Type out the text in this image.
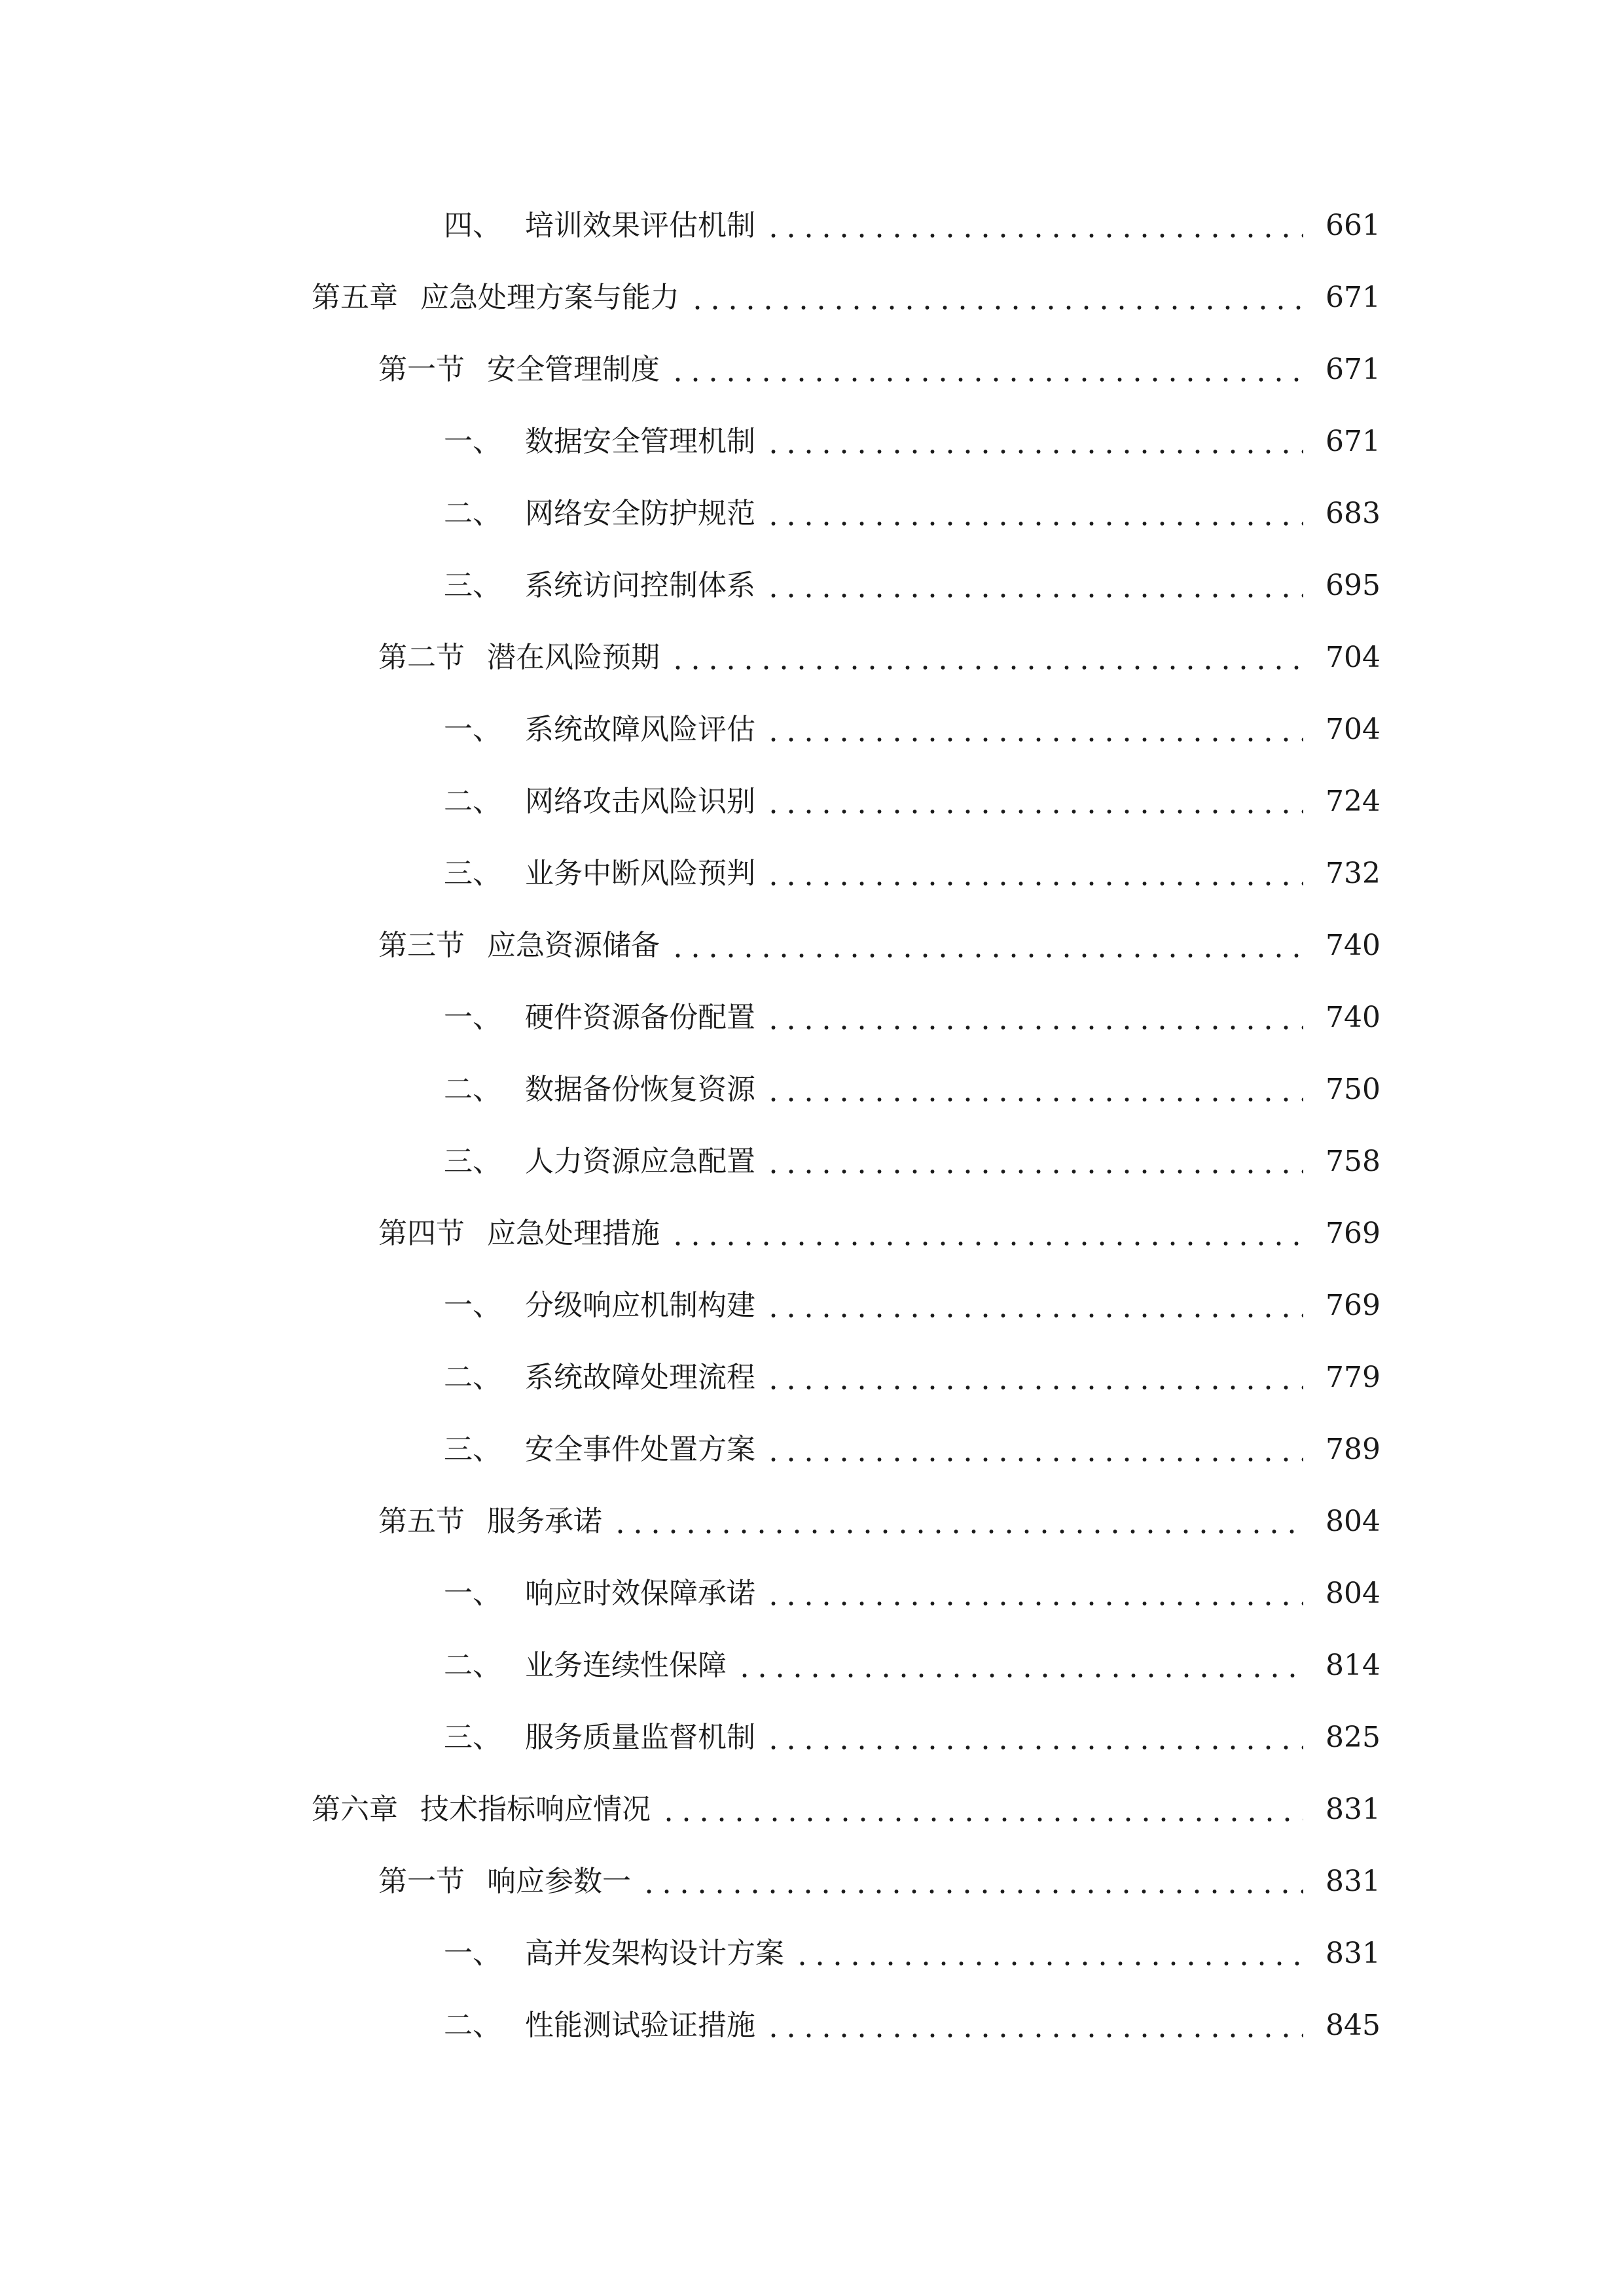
四、 培训效果评估机制	661
第五章 应急处理方案与能力	671
第一节 安全管理制度	671
一、 数据安全管理机制	671
二、 网络安全防护规范	683
三、 系统访问控制体系	695
第二节 潜在风险预期	704
一、 系统故障风险评估	704
二、 网络攻击风险识别	724
三、 业务中断风险预判	732
第三节 应急资源储备	740
一、 硬件资源备份配置	740
二、 数据备份恢复资源	750
三、 人力资源应急配置	758
第四节 应急处理措施	769
一、 分级响应机制构建	769
二、 系统故障处理流程	779
三、 安全事件处置方案	789
第五节 服务承诺	804
一、 响应时效保障承诺	804
二、 业务连续性保障	814
三、 服务质量监督机制	825
第六章 技术指标响应情况	831
第一节 响应参数一	831
一、 高并发架构设计方案	831
二、 性能测试验证措施	845
